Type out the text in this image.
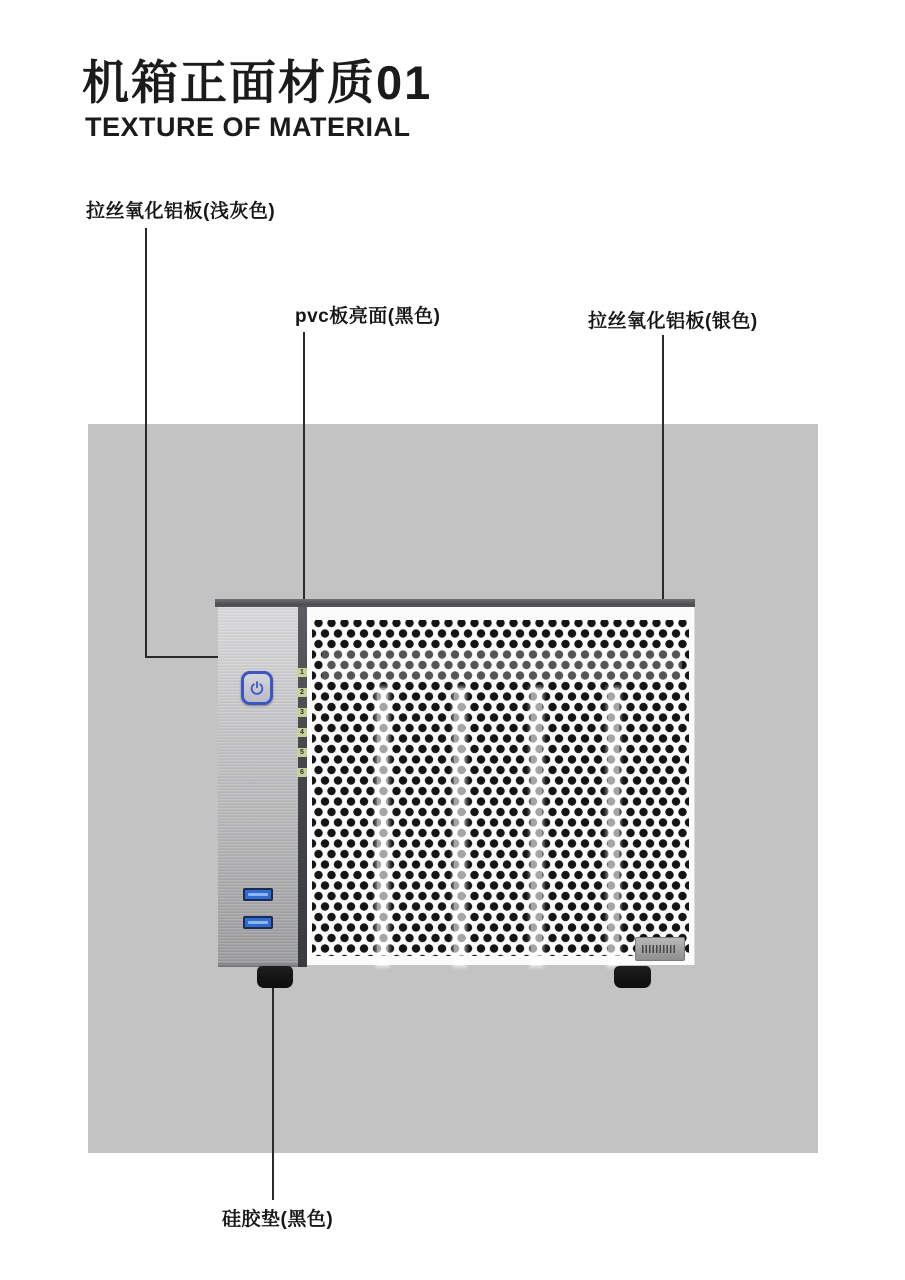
机箱正面材质01
TEXTURE OF MATERIAL
拉丝氧化铝板(浅灰色)
pvc板亮面(黑色)	拉丝氧化铝板(银色)
硅胶垫(黑色)
1
2
3
4
5
6
